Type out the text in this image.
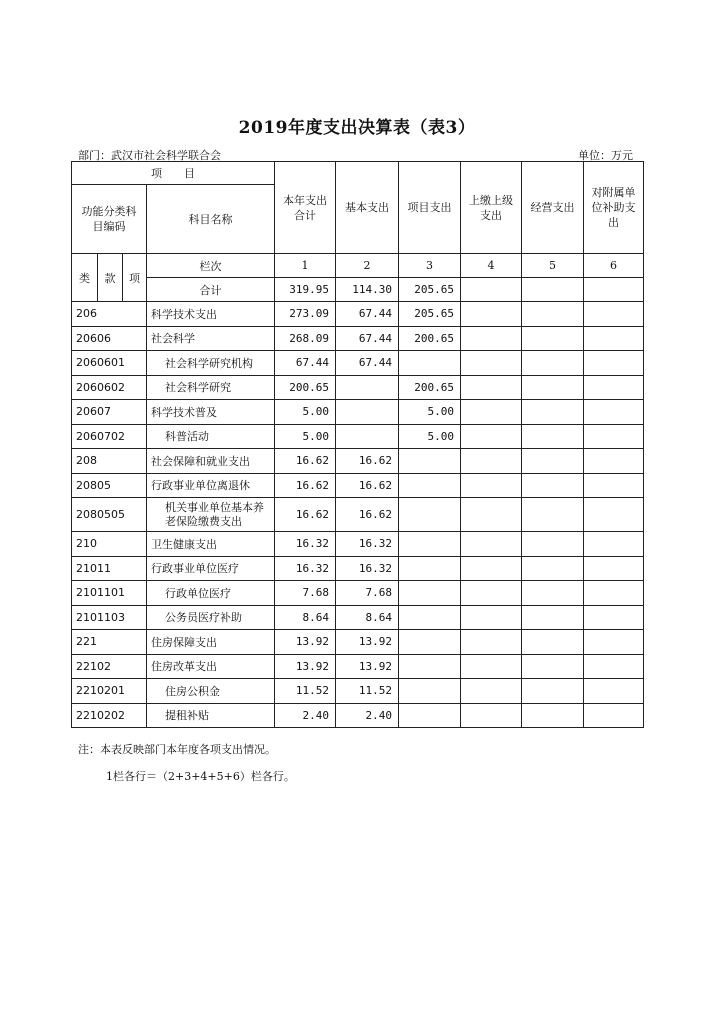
2019年度支出决算表（表3）
部门：武汉市社会科学联合会	单位：万元
项　　目				本年支出合计	基本支出	项目支出	上缴上级支出	经营支出	对附属单位补助支出
功能分类科目编码			科目名称						

类	款	项	栏次	1	2	3	4	5	6
			合计	319.95	114.30	205.65			
206			科学技术支出	273.09	67.44	205.65			
20606			社会科学	268.09	67.44	200.65			
2060601			社会科学研究机构	67.44	67.44				
2060602			社会科学研究	200.65		200.65			
20607			科学技术普及	5.00		5.00			
2060702			科普活动	5.00		5.00			
208			社会保障和就业支出	16.62	16.62				
20805			行政事业单位离退休	16.62	16.62				
2080505			机关事业单位基本养老保险缴费支出	16.62	16.62				
210			卫生健康支出	16.32	16.32				
21011			行政事业单位医疗	16.32	16.32				
2101101			行政单位医疗	7.68	7.68				
2101103			公务员医疗补助	8.64	8.64				
221			住房保障支出	13.92	13.92				
22102			住房改革支出	13.92	13.92				
2210201			住房公积金	11.52	11.52				
2210202			提租补贴	2.40	2.40				
注：本表反映部门本年度各项支出情况。
1栏各行＝（2+3+4+5+6）栏各行。
